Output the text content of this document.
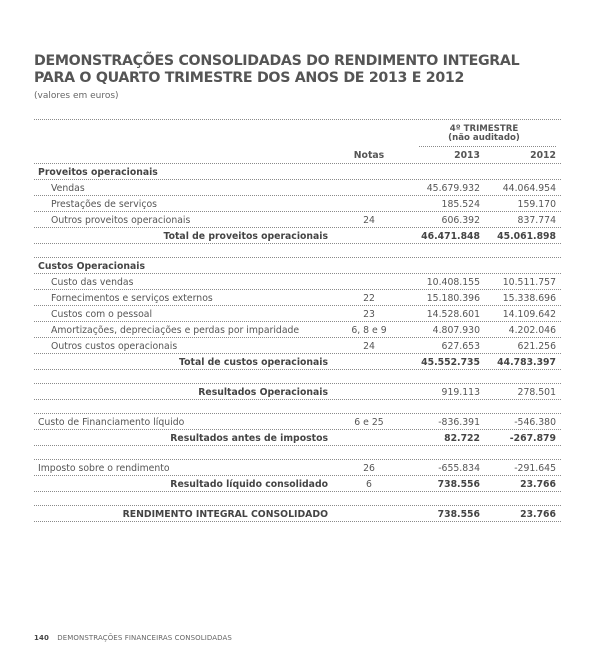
DEMONSTRAÇÕES CONSOLIDADAS DO RENDIMENTO INTEGRAL
PARA O QUARTO TRIMESTRE DOS ANOS DE 2013 E 2012
(valores em euros)
4º TRIMESTRE
(não auditado)
Notas	2013	2012
Proveitos operacionais
Vendas	45.679.932	44.064.954
Prestações de serviços	185.524	159.170
Outros proveitos operacionais	24	606.392	837.774
Total de proveitos operacionais	46.471.848	45.061.898
Custos Operacionais
Custo das vendas	10.408.155	10.511.757
Fornecimentos e serviços externos	22	15.180.396	15.338.696
Custos com o pessoal	23	14.528.601	14.109.642
Amortizações, depreciações e perdas por imparidade	6, 8 e 9	4.807.930	4.202.046
Outros custos operacionais	24	627.653	621.256
Total de custos operacionais	45.552.735	44.783.397
Resultados Operacionais	919.113	278.501
Custo de Financiamento líquido	6 e 25	-836.391	-546.380
Resultados antes de impostos	82.722	-267.879
Imposto sobre o rendimento	26	-655.834	-291.645
Resultado líquido consolidado	6	738.556	23.766
RENDIMENTO INTEGRAL CONSOLIDADO	738.556	23.766
140 DEMONSTRAÇÕES FINANCEIRAS CONSOLIDADAS
